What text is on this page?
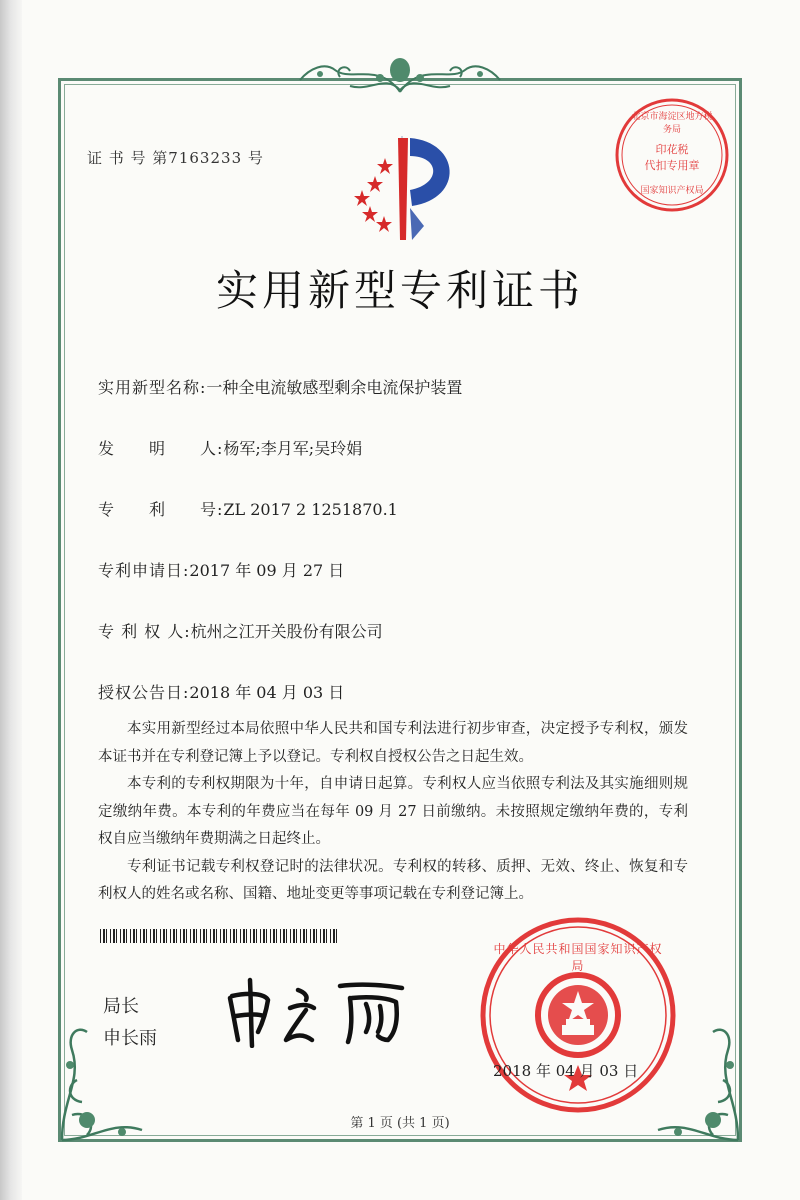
证 书 号 第7163233 号
北京市海淀区地方税务局
印花税
代扣专用章
国家知识产权局
实用新型专利证书
实用新型名称:一种全电流敏感型剩余电流保护装置
发　　明　　人:杨军;李月军;吴玲娟
专　　利　　号:ZL 2017 2 1251870.1
专利申请日:2017 年 09 月 27 日
专 利 权 人:杭州之江开关股份有限公司
授权公告日:2018 年 04 月 03 日

本实用新型经过本局依照中华人民共和国专利法进行初步审查，决定授予专利权，颁发本证书并在专利登记簿上予以登记。专利权自授权公告之日起生效。

本专利的专利权期限为十年，自申请日起算。专利权人应当依照专利法及其实施细则规定缴纳年费。本专利的年费应当在每年 09 月 27 日前缴纳。未按照规定缴纳年费的，专利权自应当缴纳年费期满之日起终止。

专利证书记载专利权登记时的法律状况。专利权的转移、质押、无效、终止、恢复和专利权人的姓名或名称、国籍、地址变更等事项记载在专利登记簿上。

局长
申长雨
中华人民共和国国家知识产权局
2018 年 04 月 03 日
第 1 页 (共 1 页)
